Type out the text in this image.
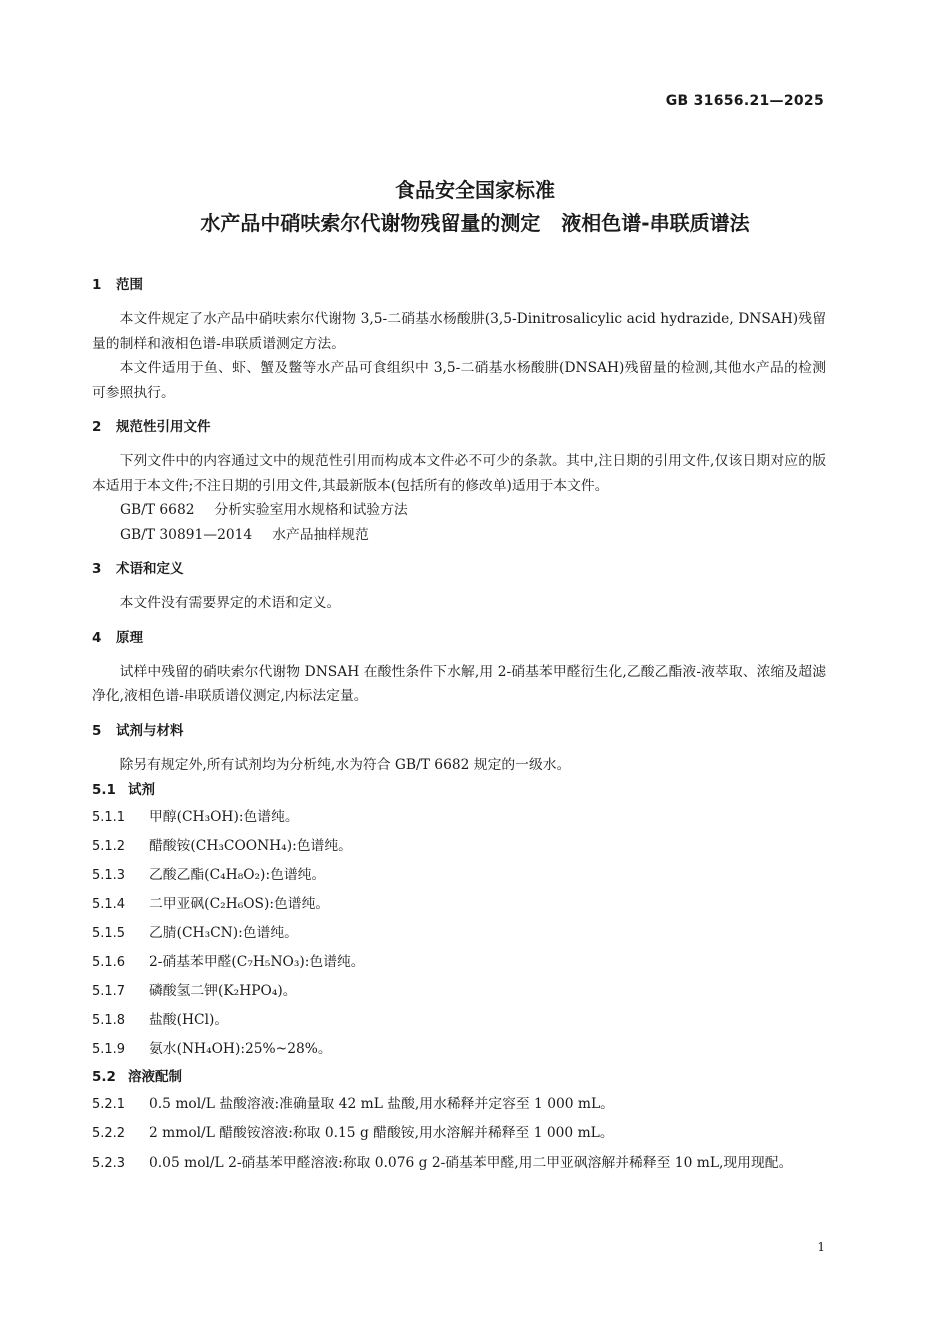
GB 31656.21—2025
食品安全国家标准
水产品中硝呋索尔代谢物残留量的测定   液相色谱-串联质谱法
1 范围

本文件规定了水产品中硝呋索尔代谢物 3,5-二硝基水杨酸肼(3,5-Dinitrosalicylic acid hydrazide, DNSAH)残留量的制样和液相色谱-串联质谱测定方法。

本文件适用于鱼、虾、蟹及鳖等水产品可食组织中 3,5-二硝基水杨酸肼(DNSAH)残留量的检测,其他水产品的检测可参照执行。

2 规范性引用文件

下列文件中的内容通过文中的规范性引用而构成本文件必不可少的条款。其中,注日期的引用文件,仅该日期对应的版本适用于本文件;不注日期的引用文件,其最新版本(包括所有的修改单)适用于本文件。

GB/T 6682 分析实验室用水规格和试验方法
GB/T 30891—2014 水产品抽样规范
3 术语和定义

本文件没有需要界定的术语和定义。

4 原理

试样中残留的硝呋索尔代谢物 DNSAH 在酸性条件下水解,用 2-硝基苯甲醛衍生化,乙酸乙酯液-液萃取、浓缩及超滤净化,液相色谱-串联质谱仪测定,内标法定量。

5 试剂与材料

除另有规定外,所有试剂均为分析纯,水为符合 GB/T 6682 规定的一级水。

5.1 试剂
5.1.1 甲醇(CH₃OH):色谱纯。
5.1.2 醋酸铵(CH₃COONH₄):色谱纯。
5.1.3 乙酸乙酯(C₄H₈O₂):色谱纯。
5.1.4 二甲亚砜(C₂H₆OS):色谱纯。
5.1.5 乙腈(CH₃CN):色谱纯。
5.1.6 2-硝基苯甲醛(C₇H₅NO₃):色谱纯。
5.1.7 磷酸氢二钾(K₂HPO₄)。
5.1.8 盐酸(HCl)。
5.1.9 氨水(NH₄OH):25%~28%。
5.2 溶液配制
5.2.1 0.5 mol/L 盐酸溶液:准确量取 42 mL 盐酸,用水稀释并定容至 1 000 mL。
5.2.2 2 mmol/L 醋酸铵溶液:称取 0.15 g 醋酸铵,用水溶解并稀释至 1 000 mL。
5.2.3 0.05 mol/L 2-硝基苯甲醛溶液:称取 0.076 g 2-硝基苯甲醛,用二甲亚砜溶解并稀释至 10 mL,现用现配。
1
